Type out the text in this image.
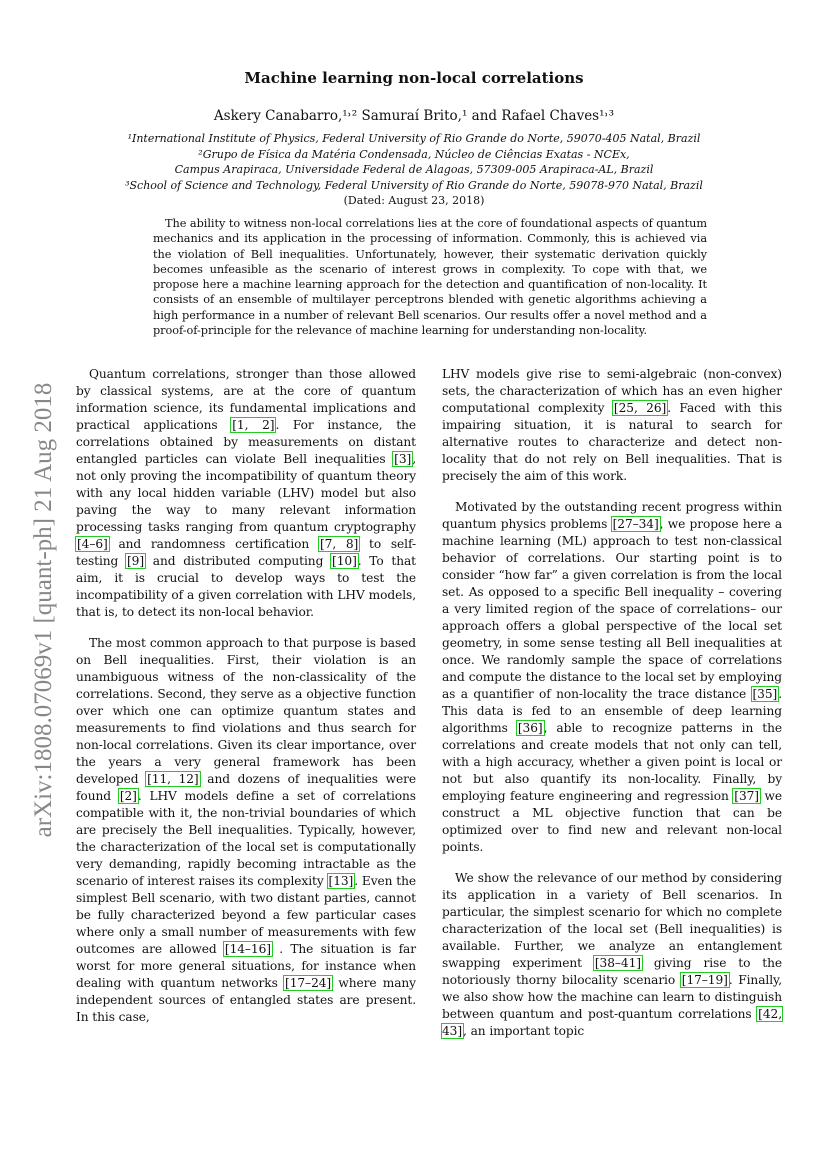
Machine learning non-local correlations
Askery Canabarro,¹˒² Samuraí Brito,¹ and Rafael Chaves¹˒³
¹International Institute of Physics, Federal University of Rio Grande do Norte, 59070-405 Natal, Brazil
²Grupo de Física da Matéria Condensada, Núcleo de Ciências Exatas - NCEx,
Campus Arapiraca, Universidade Federal de Alagoas, 57309-005 Arapiraca-AL, Brazil
³School of Science and Technology, Federal University of Rio Grande do Norte, 59078-970 Natal, Brazil
(Dated: August 23, 2018)
The ability to witness non-local correlations lies at the core of foundational aspects of quantum mechanics and its application in the processing of information. Commonly, this is achieved via the violation of Bell inequalities. Unfortunately, however, their systematic derivation quickly becomes unfeasible as the scenario of interest grows in complexity. To cope with that, we propose here a machine learning approach for the detection and quantification of non-locality. It consists of an ensemble of multilayer perceptrons blended with genetic algorithms achieving a high performance in a number of relevant Bell scenarios. Our results offer a novel method and a proof-of-principle for the relevance of machine learning for understanding non-locality.
arXiv:1808.07069v1 [quant-ph] 21 Aug 2018

Quantum correlations, stronger than those allowed by classical systems, are at the core of quantum information science, its fundamental implications and practical applications [1, 2]. For instance, the correlations obtained by measurements on distant entangled particles can violate Bell inequalities [3], not only proving the incompatibility of quantum theory with any local hidden variable (LHV) model but also paving the way to many relevant information processing tasks ranging from quantum cryptography [4–6] and randomness certification [7, 8] to self-testing [9] and distributed computing [10]. To that aim, it is crucial to develop ways to test the incompatibility of a given correlation with LHV models, that is, to detect its non-local behavior.

The most common approach to that purpose is based on Bell inequalities. First, their violation is an unambiguous witness of the non-classicality of the correlations. Second, they serve as a objective function over which one can optimize quantum states and measurements to find violations and thus search for non-local correlations. Given its clear importance, over the years a very general framework has been developed [11, 12] and dozens of inequalities were found [2]. LHV models define a set of correlations compatible with it, the non-trivial boundaries of which are precisely the Bell inequalities. Typically, however, the characterization of the local set is computationally very demanding, rapidly becoming intractable as the scenario of interest raises its complexity [13]. Even the simplest Bell scenario, with two distant parties, cannot be fully characterized beyond a few particular cases where only a small number of measurements with few outcomes are allowed [14–16] . The situation is far worst for more general situations, for instance when dealing with quantum networks [17–24] where many independent sources of entangled states are present. In this case,

LHV models give rise to semi-algebraic (non-convex) sets, the characterization of which has an even higher computational complexity [25, 26]. Faced with this impairing situation, it is natural to search for alternative routes to characterize and detect non-locality that do not rely on Bell inequalities. That is precisely the aim of this work.

Motivated by the outstanding recent progress within quantum physics problems [27–34], we propose here a machine learning (ML) approach to test non-classical behavior of correlations. Our starting point is to consider “how far” a given correlation is from the local set. As opposed to a specific Bell inequality – covering a very limited region of the space of correlations– our approach offers a global perspective of the local set geometry, in some sense testing all Bell inequalities at once. We randomly sample the space of correlations and compute the distance to the local set by employing as a quantifier of non-locality the trace distance [35]. This data is fed to an ensemble of deep learning algorithms [36], able to recognize patterns in the correlations and create models that not only can tell, with a high accuracy, whether a given point is local or not but also quantify its non-locality. Finally, by employing feature engineering and regression [37] we construct a ML objective function that can be optimized over to find new and relevant non-local points.

We show the relevance of our method by considering its application in a variety of Bell scenarios. In particular, the simplest scenario for which no complete characterization of the local set (Bell inequalities) is available. Further, we analyze an entanglement swapping experiment [38–41] giving rise to the notoriously thorny bilocality scenario [17–19]. Finally, we also show how the machine can learn to distinguish between quantum and post-quantum correlations [42, 43], an important topic
